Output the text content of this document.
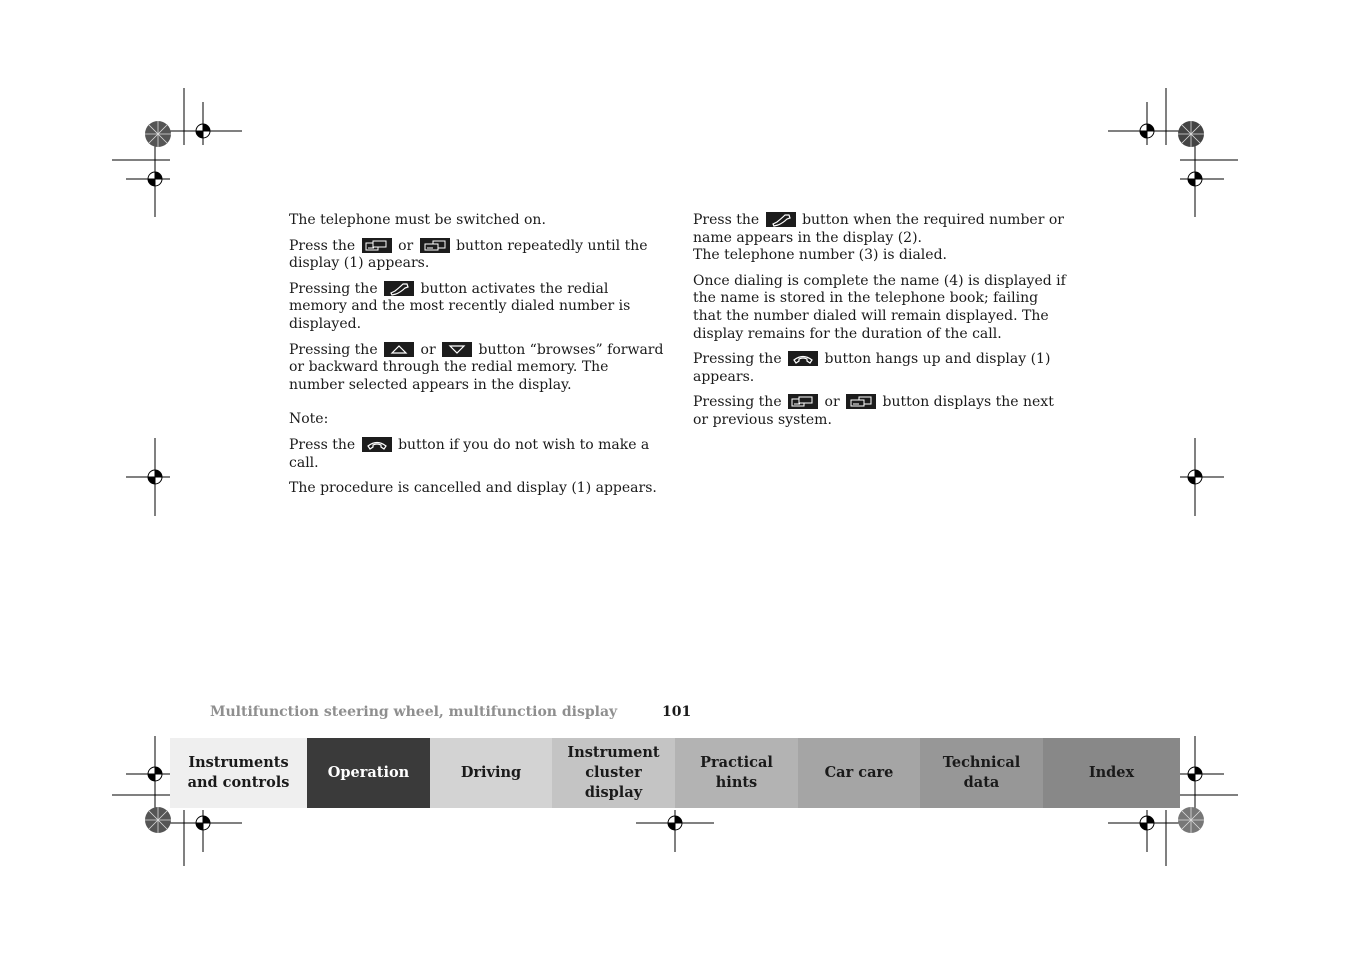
The telephone must be switched on.

Press the	or	button repeatedly until the display (1) appears.

Pressing the	button activates the redial memory and the most recently dialed number is displayed.

Pressing the	or	button “browses” forward or backward through the redial memory. The number selected appears in the display.

Note:

Press the	button if you do not wish to make a call.

The procedure is cancelled and display (1) appears.

Press the	button when the required number or name appears in the display (2).

The telephone number (3) is dialed.

Once dialing is complete the name (4) is displayed if the name is stored in the telephone book; failing that the number dialed will remain displayed. The display remains for the duration of the call.

Pressing the	button hangs up and display (1) appears.

Pressing the	or	button displays the next or previous system.

Multifunction steering wheel, multifunction display	101
Instruments
and controls
Operation	Driving
Instrument
cluster display
Practical hints
Car care
Technical
data
Index
